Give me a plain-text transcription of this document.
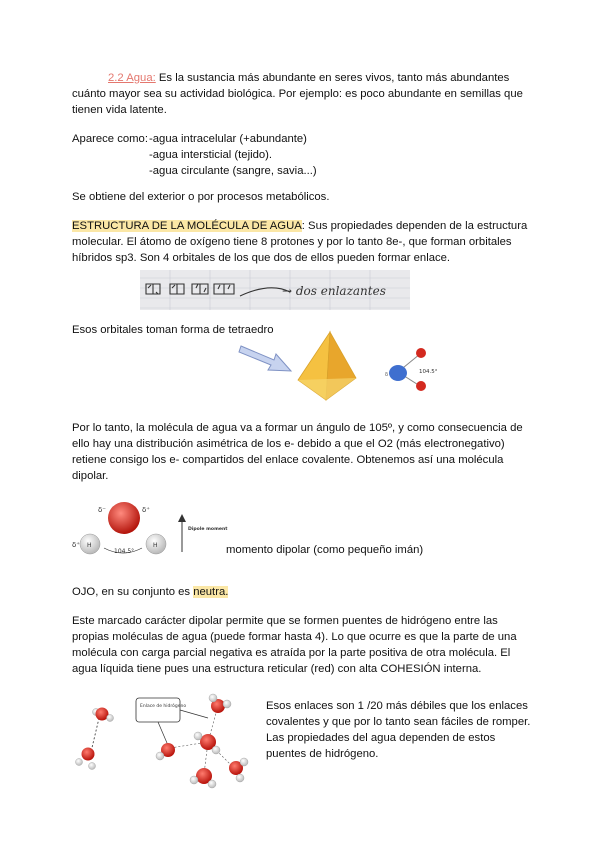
2.2 Agua: Es la sustancia más abundante en seres vivos, tanto más abundantes
cuánto mayor sea su actividad biológica. Por ejemplo: es poco abundante en semillas que
tienen vida latente.
Aparece como: -agua intracelular (+abundante)
-agua intersticial (tejido).
-agua circulante (sangre, savia...)
Se obtiene del exterior o por procesos metabólicos.
ESTRUCTURA DE LA MOLÉCULA DE AGUA: Sus propiedades dependen de la estructura
molecular. El átomo de oxígeno tiene 8 protones y por lo tanto 8e-, que forman orbitales
híbridos sp3. Son 4 orbitales de los que dos de ellos pueden formar enlace.
→ dos enlazantes
Esos orbitales toman forma de tetraedro
δ	104.5°
Por lo tanto, la molécula de agua va a formar un ángulo de 105º, y como consecuencia de
ello hay una distribución asimétrica de los e- debido a que el O2 (más electronegativo)
retiene consigo los e- compartidos del enlace covalente. Obtenemos así una molécula
dipolar.
δ⁻	δ⁺
δ⁺ H	H
104.5°
Dipole moment
momento dipolar (como pequeño imán)
OJO, en su conjunto es neutra.
Este marcado carácter dipolar permite que se formen puentes de hidrógeno entre las
propias moléculas de agua (puede formar hasta 4). Lo que ocurre es que la parte de una
molécula con carga parcial negativa es atraída por la parte positiva de otra molécula. El
agua líquida tiene pues una estructura reticular (red) con alta COHESIÓN interna.
Enlace de hidrógeno	Esos enlaces son 1 /20 más débiles que los enlaces
covalentes y que por lo tanto sean fáciles de romper.
Las propiedades del agua dependen de estos
puentes de hidrógeno.
